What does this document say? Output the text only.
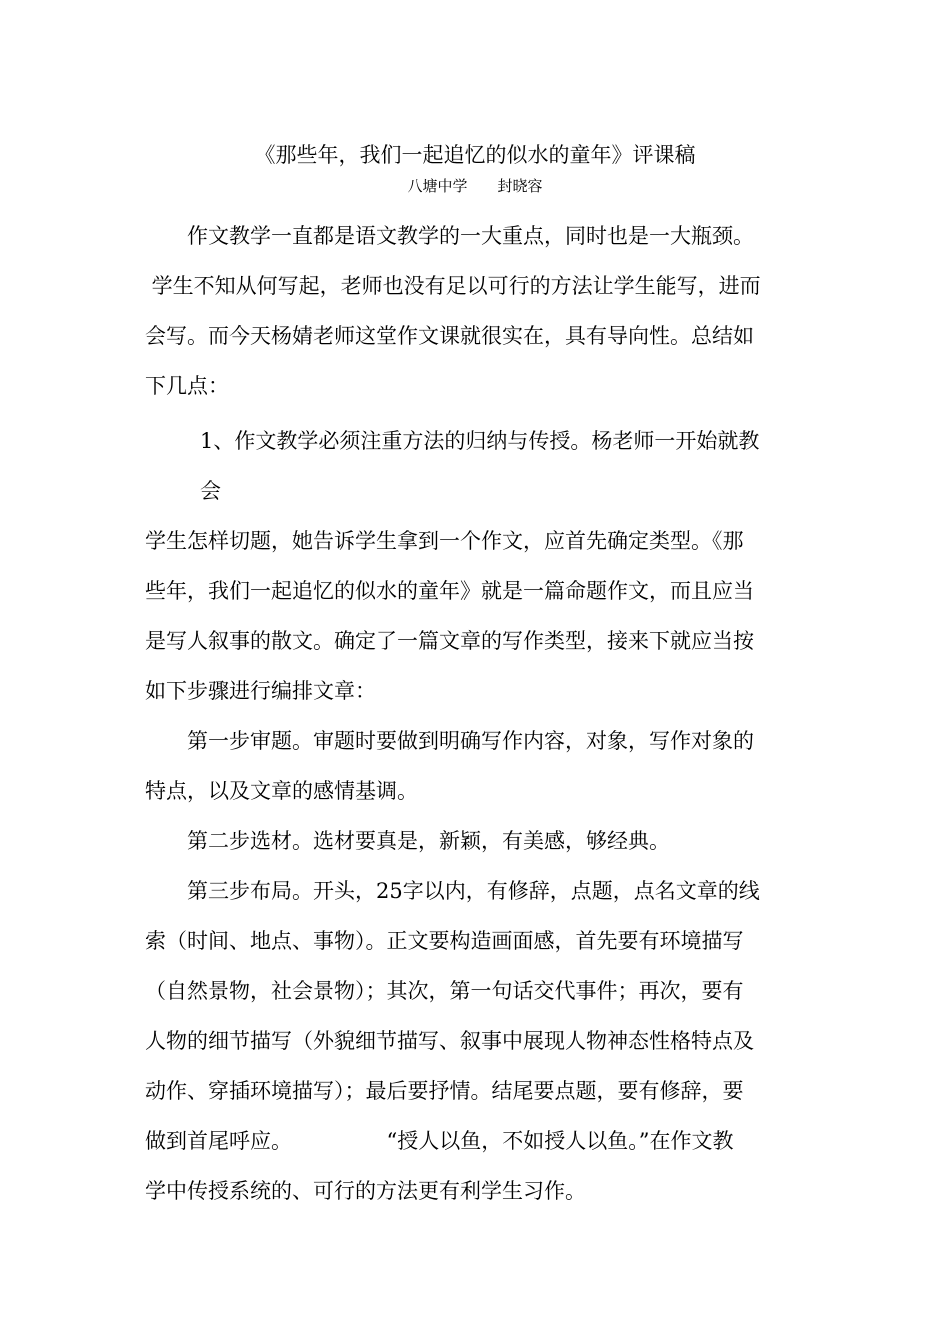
《那些年，我们一起追忆的似水的童年》评课稿
八塘中学　　封晓容
作文教学一直都是语文教学的一大重点，同时也是一大瓶颈。
学生不知从何写起，老师也没有足以可行的方法让学生能写，进而
会写。而今天杨婧老师这堂作文课就很实在，具有导向性。总结如
下几点：
1、作文教学必须注重方法的归纳与传授。杨老师一开始就教
会
学生怎样切题，她告诉学生拿到一个作文，应首先确定类型。《那
些年，我们一起追忆的似水的童年》就是一篇命题作文，而且应当
是写人叙事的散文。确定了一篇文章的写作类型，接来下就应当按
如下步骤进行编排文章：
第一步审题。审题时要做到明确写作内容，对象，写作对象的
特点，以及文章的感情基调。
第二步选材。选材要真是，新颖，有美感，够经典。
第三步布局。开头，25字以内，有修辞，点题，点名文章的线
索（时间、地点、事物）。正文要构造画面感，首先要有环境描写
（自然景物，社会景物）；其次，第一句话交代事件；再次，要有
人物的细节描写（外貌细节描写、叙事中展现人物神态性格特点及
动作、穿插环境描写）；最后要抒情。结尾要点题，要有修辞，要
做到首尾呼应。　　　　　“授人以鱼，不如授人以鱼。”在作文教
学中传授系统的、可行的方法更有利学生习作。
